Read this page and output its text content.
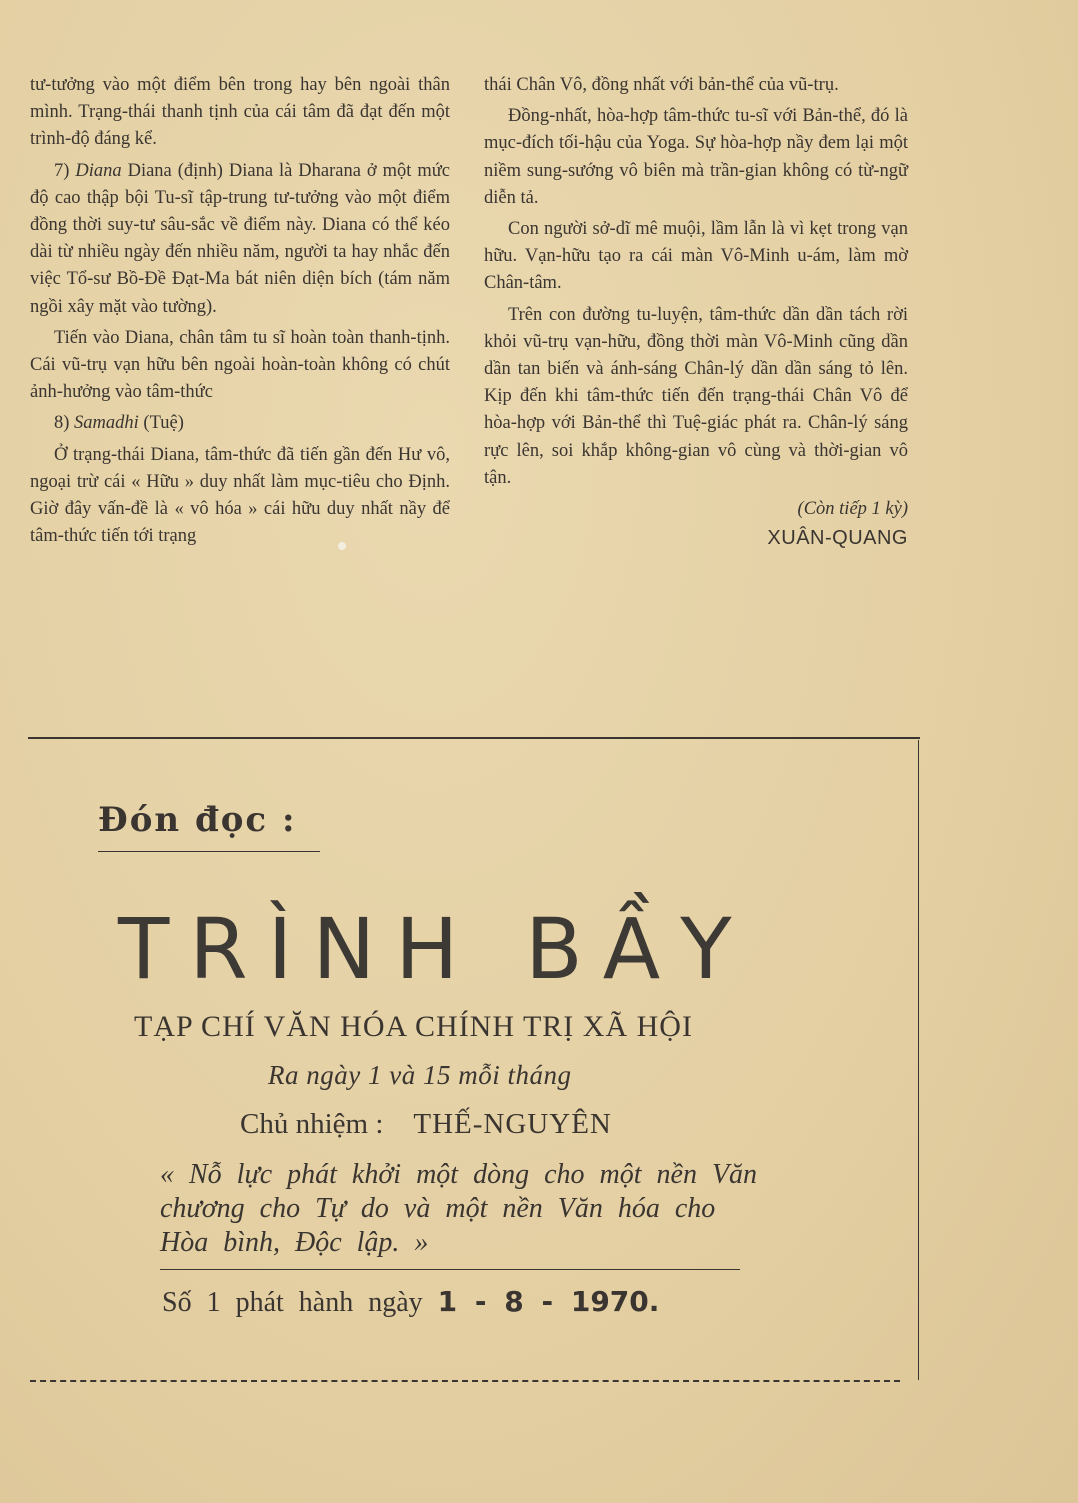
tư-tưởng vào một điểm bên trong hay bên ngoài thân mình. Trạng-thái thanh tịnh của cái tâm đã đạt đến một trình-độ đáng kể.

7) Diana Diana (định) Diana là Dharana ở một mức độ cao thập bội Tu-sĩ tập-trung tư-tưởng vào một điểm đồng thời suy-tư sâu-sắc về điểm này. Diana có thể kéo dài từ nhiều ngày đến nhiều năm, người ta hay nhắc đến việc Tổ-sư Bồ-Đề Đạt-Ma bát niên diện bích (tám năm ngồi xây mặt vào tường).

Tiến vào Diana, chân tâm tu sĩ hoàn toàn thanh-tịnh. Cái vũ-trụ vạn hữu bên ngoài hoàn-toàn không có chút ảnh-hưởng vào tâm-thức

8) Samadhi (Tuệ)

Ở trạng-thái Diana, tâm-thức đã tiến gần đến Hư vô, ngoại trừ cái « Hữu » duy nhất làm mục-tiêu cho Định. Giờ đây vấn-đề là « vô hóa » cái hữu duy nhất nầy để tâm-thức tiến tới trạng

thái Chân Vô, đồng nhất với bản-thể của vũ-trụ.

Đồng-nhất, hòa-hợp tâm-thức tu-sĩ với Bản-thể, đó là mục-đích tối-hậu của Yoga. Sự hòa-hợp nầy đem lại một niềm sung-sướng vô biên mà trần-gian không có từ-ngữ diễn tả.

Con người sở-dĩ mê muội, lầm lẫn là vì kẹt trong vạn hữu. Vạn-hữu tạo ra cái màn Vô-Minh u-ám, làm mờ Chân-tâm.

Trên con đường tu-luyện, tâm-thức dần dần tách rời khỏi vũ-trụ vạn-hữu, đồng thời màn Vô-Minh cũng dần dần tan biến và ánh-sáng Chân-lý dần dần sáng tỏ lên. Kịp đến khi tâm-thức tiến đến trạng-thái Chân Vô để hòa-hợp với Bản-thể thì Tuệ-giác phát ra. Chân-lý sáng rực lên, soi khắp không-gian vô cùng và thời-gian vô tận.

(Còn tiếp 1 kỳ)
XUÂN-QUANG
Đón đọc :
TRÌNH BẦY
TẠP CHÍ VĂN HÓA CHÍNH TRỊ XÃ HỘI
Ra ngày 1 và 15 mỗi tháng
Chủ nhiệm : THẾ-NGUYÊN
« Nỗ lực phát khởi một dòng cho một nền Văn chương cho Tự do và một nền Văn hóa cho Hòa bình, Độc lập. »
Số 1 phát hành ngày 1 - 8 - 1970.
